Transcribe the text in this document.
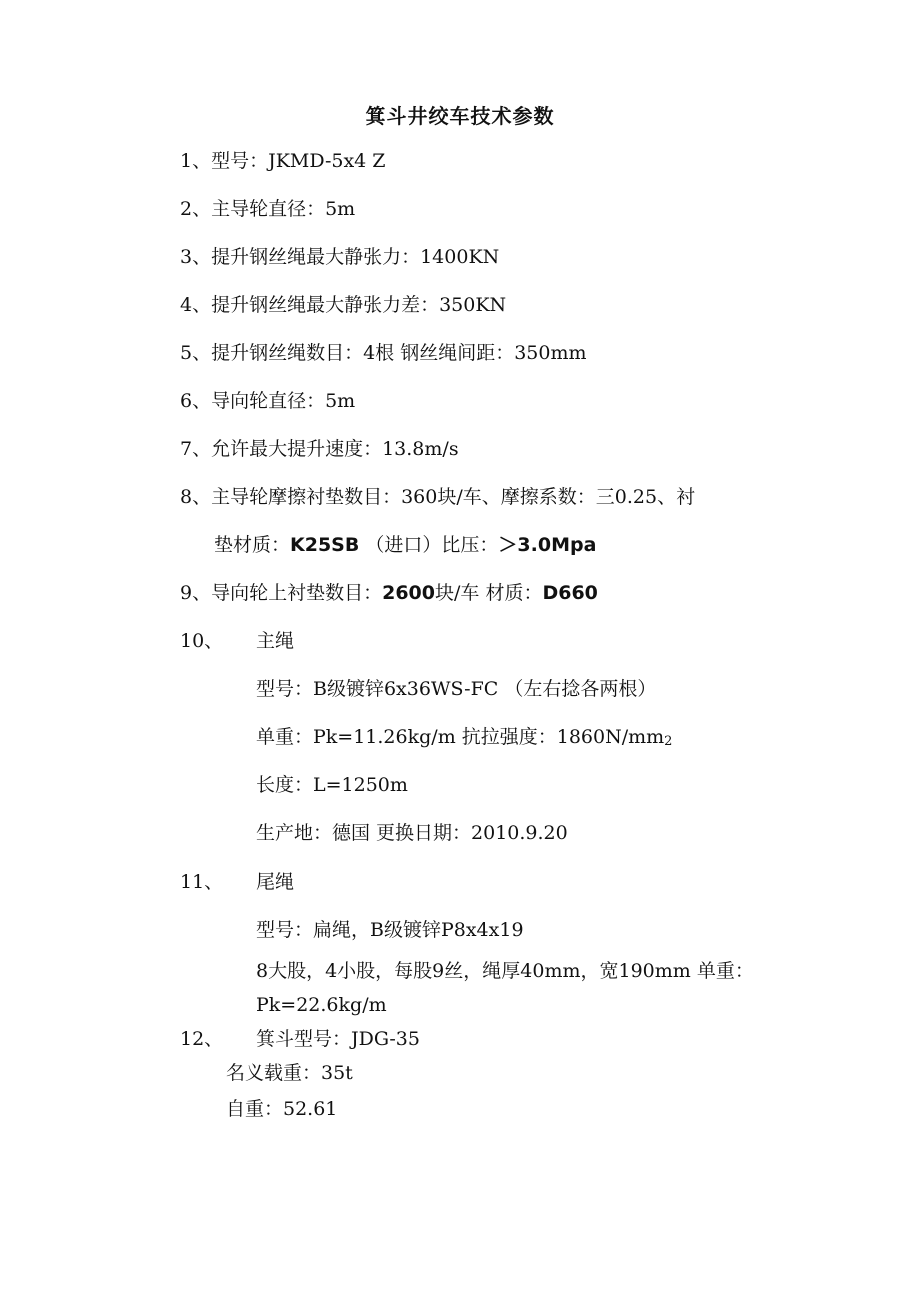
箕斗井绞车技术参数
1、型号：JKMD-5x4 Z
2、主导轮直径：5m
3、提升钢丝绳最大静张力：1400KN
4、提升钢丝绳最大静张力差：350KN
5、提升钢丝绳数目：4根 钢丝绳间距：350mm
6、导向轮直径：5m
7、允许最大提升速度：13.8m/s
8、主导轮摩擦衬垫数目：360块/车、摩擦系数：三0.25、衬
垫材质：K25SB （进口）比压：＞3.0Mpa
9、导向轮上衬垫数目：2600块/车 材质：D660
10、 主绳
型号：B级镀锌6x36WS-FC （左右捻各两根）
单重：Pk=11.26kg/m 抗拉强度：1860N/mm2
长度：L=1250m
生产地：德国 更换日期：2010.9.20
11、 尾绳
型号：扁绳，B级镀锌P8x4x19
8大股，4小股，每股9丝，绳厚40mm，宽190mm 单重：
Pk=22.6kg/m
12、 箕斗型号：JDG-35
名义载重：35t
自重：52.61
